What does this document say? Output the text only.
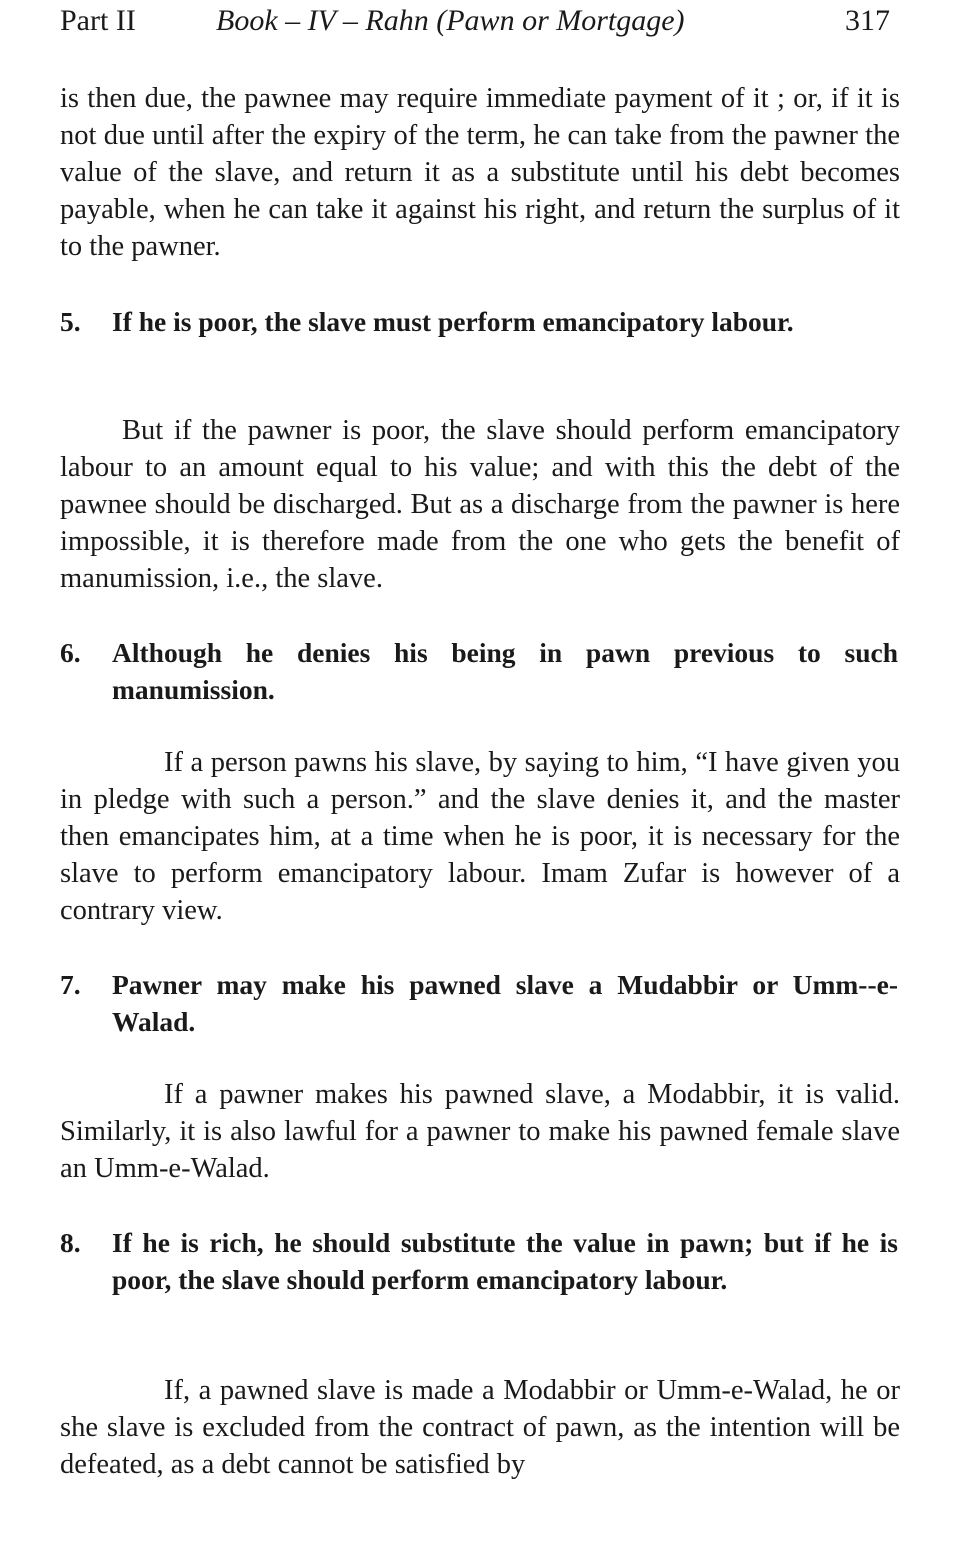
Part II	Book – IV – Rahn (Pawn or Mortgage)	317

is then due, the pawnee may require immediate payment of it ; or, if it is not due until after the expiry of the term, he can take from the pawner the value of the slave, and return it as a substitute until his debt becomes payable, when he can take it against his right, and return the surplus of it to the pawner.

5.	If he is poor, the slave must perform emancipatory labour.

But if the pawner is poor, the slave should perform emancipatory labour to an amount equal to his value; and with this the debt of the pawnee should be discharged. But as a discharge from the pawner is here impossible, it is therefore made from the one who gets the benefit of manumission, i.e., the slave.

6.	Although he denies his being in pawn previous to such manumission.

If a person pawns his slave, by saying to him, “I have given you in pledge with such a person.” and the slave denies it, and the master then emancipates him, at a time when he is poor, it is necessary for the slave to perform emancipatory labour. Imam Zufar is however of a contrary view.

7.	Pawner may make his pawned slave a Mudabbir or Umm--e-Walad.

If a pawner makes his pawned slave, a Modabbir, it is valid. Similarly, it is also lawful for a pawner to make his pawned female slave an Umm-e-Walad.

8.	If he is rich, he should substitute the value in pawn; but if he is poor, the slave should perform emancipatory labour.

If, a pawned slave is made a Modabbir or Umm-e-Walad, he or she slave is excluded from the contract of pawn, as the intention will be defeated, as a debt cannot be satisfied by
